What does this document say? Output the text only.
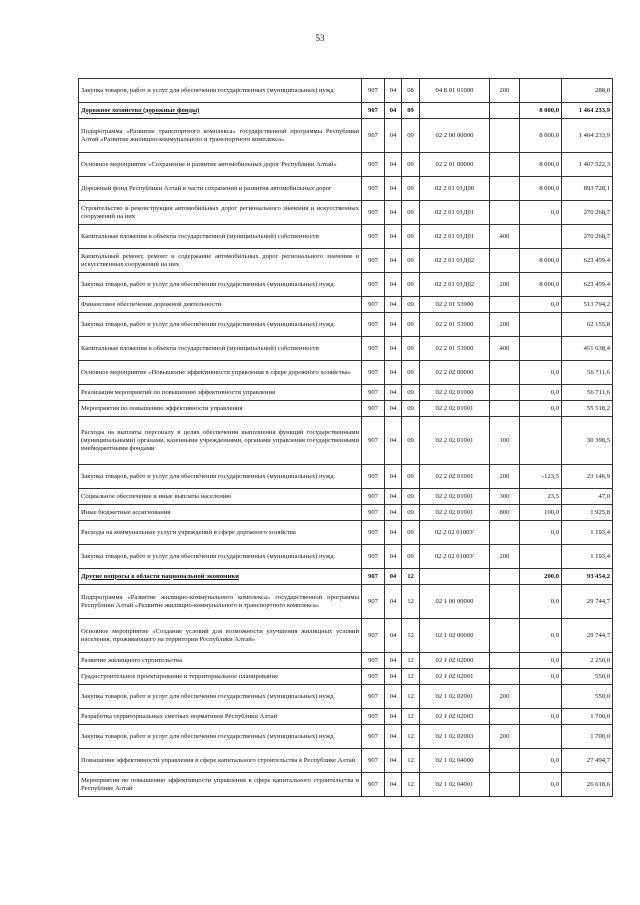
53
Закупка товаров, работ и услуг для обеспечения государственных (муниципальных) нужд	907	04	08	04 8 01 01000	200		288,0
Дорожное хозяйство (дорожные фонды)	907	04	09			8 000,0	1 464 233,9
Подпрограмма «Развитие транспортного комплекса» государственной программы Республики Алтай «Развитие жилищно-коммунального и транспортного комплекса»	907	04	09	02 2 00 00000		8 000,0	1 464 233,9
Основное мероприятие «Сохранение и развитие автомобильных дорог Республики Алтай»	907	04	09	02 2 01 00000		8 000,0	1 407 522,3
Дорожный фонд Республики Алтай в части сохранения и развития автомобильных дорог	907	04	09	02 2 01 01Д00		8 000,0	893 728,1
Строительство и реконструкция автомобильных дорог регионального значения и искусственных сооружений на них	907	04	09	02 2 01 01Д01		0,0	270 268,7
Капитальные вложения в объекты государственной (муниципальной) собственности	907	04	09	02 2 01 01Д01	400		270 268,7
Капитальный ремонт, ремонт и содержание автомобильных дорог регионального значения и искусственных сооружений на них	907	04	09	02 2 01 01Д02		8 000,0	623 459,4
Закупка товаров, работ и услуг для обеспечения государственных (муниципальных) нужд	907	04	09	02 2 01 01Д02	200	8 000,0	623 459,4
Финансовое обеспечение дорожной деятельности	907	04	09	02 2 01 53900		0,0	513 794,2
Закупка товаров, работ и услуг для обеспечения государственных (муниципальных) нужд	907	04	09	02 2 01 53900	200		62 155,8
Капитальные вложения в объекты государственной (муниципальной) собственности	907	04	09	02 2 01 53900	400		451 638,4
Основное мероприятие «Повышение эффективности управления в сфере дорожного хозяйства»	907	04	09	02 2 02 00000		0,0	56 711,6
Реализация мероприятий по повышению эффективности управления	907	04	09	02 2 02 01000		0,0	56 711,6
Мероприятия по повышению эффективности управления	907	04	09	02 2 02 01001		0,0	55 518,2
Расходы на выплаты персоналу в целях обеспечения выполнения функций государственными (муниципальными) органами, казенными учреждениями, органами управления государственными внебюджетными фондами	907	04	09	02 2 02 01001	100		30 398,5
Закупка товаров, работ и услуг для обеспечения государственных (муниципальных) нужд	907	04	09	02 2 02 01001	200	-123,5	23 146,9
Социальное обеспечение и иные выплаты населению	907	04	09	02 2 02 01001	300	23,5	47,0
Иные бюджетные ассигнования	907	04	09	02 2 02 01001	800	100,0	1 925,8
Расходы на коммунальные услуги учреждений в сфере дорожного хозяйства	907	04	09	02 2 02 0100У		0,0	1 193,4
Закупка товаров, работ и услуг для обеспечения государственных (муниципальных) нужд	907	04	09	02 2 02 0100У	200		1 193,4
Другие вопросы в области национальной экономики	907	04	12			200,0	93 454,2
Подпрограмма «Развитие жилищно-коммунального комплекса» государственной программы Республики Алтай «Развитие жилищно-коммунального и транспортного комплекса»	907	04	12	02 1 00 00000		0,0	29 744,7
Основное мероприятие «Создание условий для возможности улучшения жилищных условий населения, проживающего на территории Республики Алтай»	907	04	12	02 1 02 00000		0,0	29 744,7
Развитие жилищного строительства	907	04	12	02 1 02 02000		0,0	2 250,0
Градостроительное проектирование и территориальное планирование	907	04	12	02 1 02 02001		0,0	550,0
Закупка товаров, работ и услуг для обеспечения государственных (муниципальных) нужд	907	04	12	02 1 02 02001	200		550,0
Разработка территориальных сметных нормативов Республики Алтай	907	04	12	02 1 02 02003		0,0	1 700,0
Закупка товаров, работ и услуг для обеспечения государственных (муниципальных) нужд	907	04	12	02 1 02 02003	200		1 700,0
Повышение эффективности управления в сфере капитального строительства в Республике Алтай	907	04	12	02 1 02 04000		0,0	27 494,7
Мероприятия по повышению эффективности управления в сфере капитального строительства в Республике Алтай	907	04	12	02 1 02 04001		0,0	26 618,6
